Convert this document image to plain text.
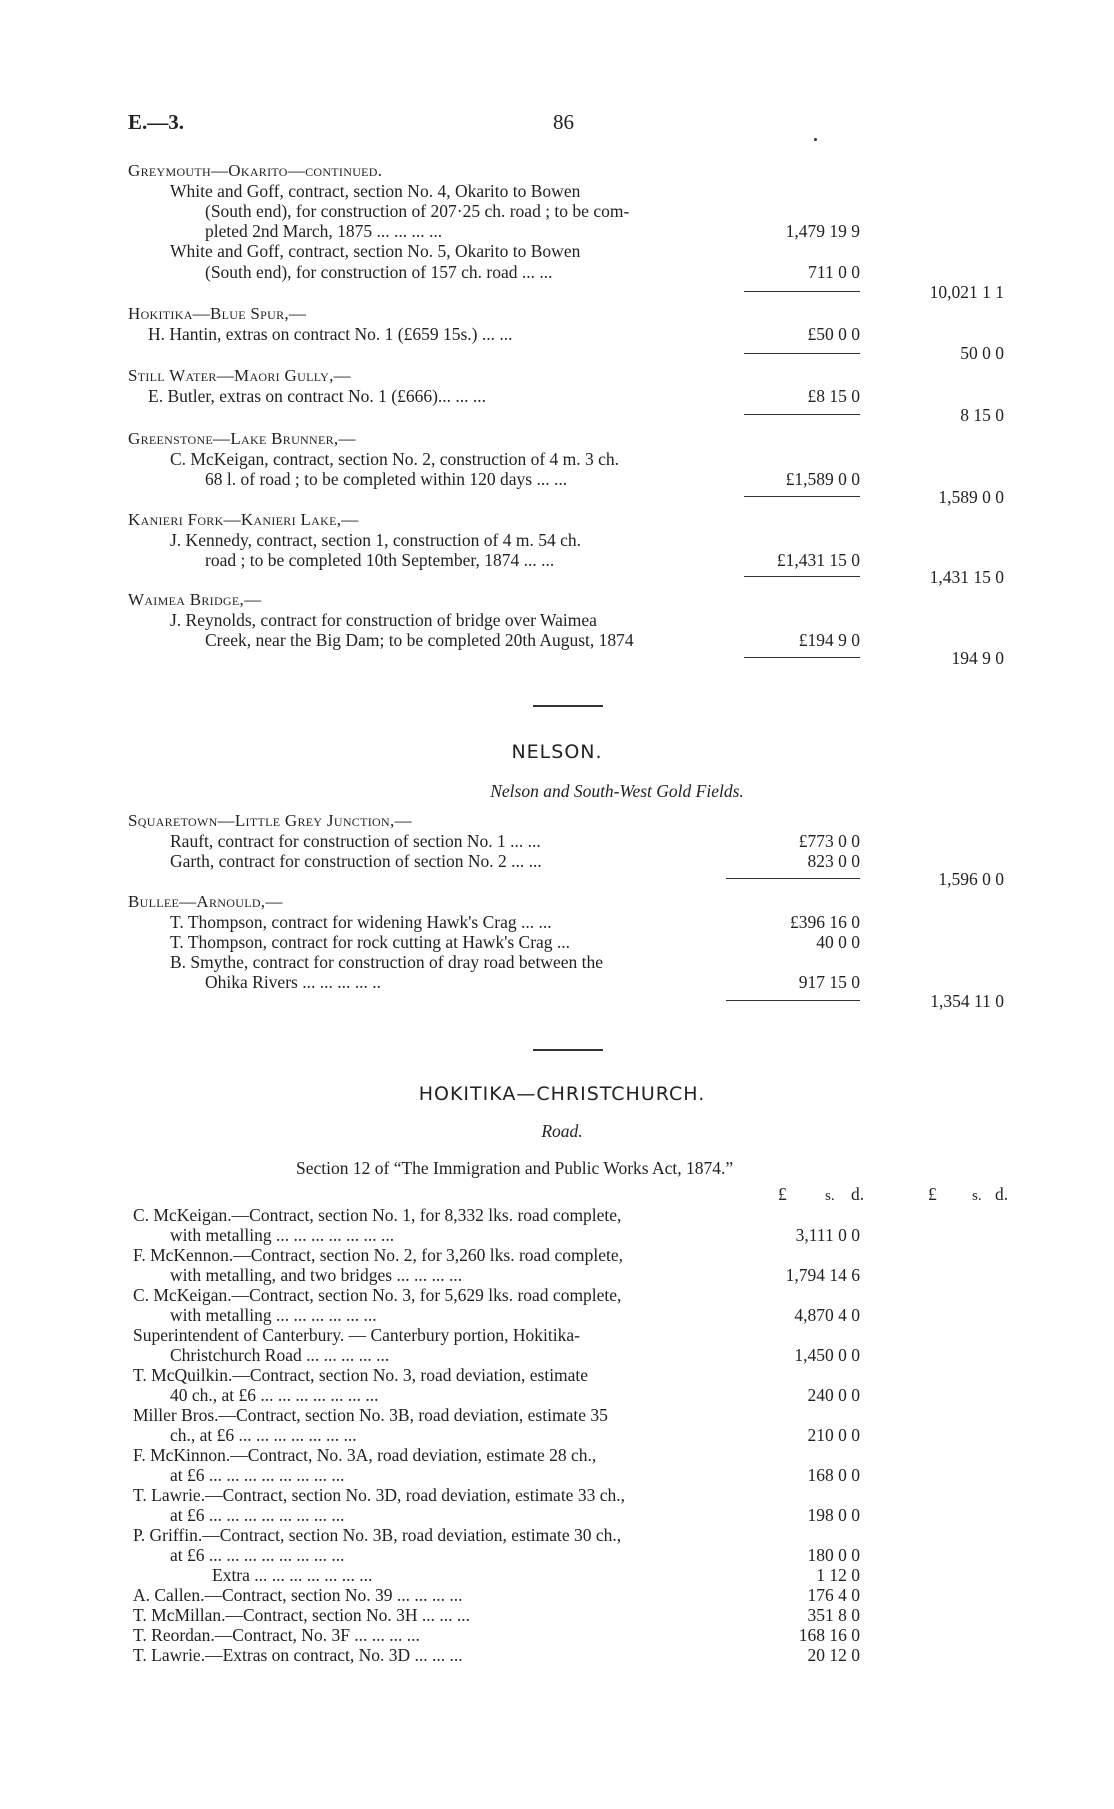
E.—3.	86
Greymouth—Okarito—continued.
White and Goff, contract, section No. 4, Okarito to Bowen
(South end), for construction of 207·25 ch. road ; to be com-
pleted 2nd March, 1875 ... ... ... ...	1,479 19 9
White and Goff, contract, section No. 5, Okarito to Bowen
(South end), for construction of 157 ch. road ... ...	711 0 0
10,021 1 1
Hokitika—Blue Spur,—
H. Hantin, extras on contract No. 1 (£659 15s.) ... ...	£50 0 0
50 0 0
Still Water—Maori Gully,—
E. Butler, extras on contract No. 1 (£666)... ... ...	£8 15 0
8 15 0
Greenstone—Lake Brunner,—
C. McKeigan, contract, section No. 2, construction of 4 m. 3 ch.
68 l. of road ; to be completed within 120 days ... ...	£1,589 0 0
1,589 0 0
Kanieri Fork—Kanieri Lake,—
J. Kennedy, contract, section 1, construction of 4 m. 54 ch.
road ; to be completed 10th September, 1874 ... ...	£1,431 15 0
1,431 15 0
Waimea Bridge,—
J. Reynolds, contract for construction of bridge over Waimea
Creek, near the Big Dam; to be completed 20th August, 1874	£194 9 0
194 9 0
NELSON.
Nelson and South-West Gold Fields.
Squaretown—Little Grey Junction,—
Rauft, contract for construction of section No. 1 ... ...	£773 0 0
Garth, contract for construction of section No. 2 ... ...	823 0 0
1,596 0 0
Bullee—Arnould,—
T. Thompson, contract for widening Hawk's Crag ... ...	£396 16 0
T. Thompson, contract for rock cutting at Hawk's Crag ...	40 0 0
B. Smythe, contract for construction of dray road between the
Ohika Rivers ... ... ... ... ..	917 15 0
1,354 11 0
HOKITIKA—CHRISTCHURCH.
Road.
Section 12 of “The Immigration and Public Works Act, 1874.”
£	s. d.	£ s. d.
C. McKeigan.—Contract, section No. 1, for 8,332 lks. road complete,
with metalling ... ... ... ... ... ... ...	3,111 0 0
F. McKennon.—Contract, section No. 2, for 3,260 lks. road complete,
with metalling, and two bridges ... ... ... ...	1,794 14 6
C. McKeigan.—Contract, section No. 3, for 5,629 lks. road complete,
with metalling ... ... ... ... ... ...	4,870 4 0
Superintendent of Canterbury. — Canterbury portion, Hokitika-
Christchurch Road ... ... ... ... ...	1,450 0 0
T. McQuilkin.—Contract, section No. 3, road deviation, estimate
40 ch., at £6 ... ... ... ... ... ... ...	240 0 0
Miller Bros.—Contract, section No. 3B, road deviation, estimate 35
ch., at £6 ... ... ... ... ... ... ...	210 0 0
F. McKinnon.—Contract, No. 3A, road deviation, estimate 28 ch.,
at £6 ... ... ... ... ... ... ... ...	168 0 0
T. Lawrie.—Contract, section No. 3D, road deviation, estimate 33 ch.,
at £6 ... ... ... ... ... ... ... ...	198 0 0
P. Griffin.—Contract, section No. 3B, road deviation, estimate 30 ch.,
at £6 ... ... ... ... ... ... ... ...	180 0 0
Extra ... ... ... ... ... ... ...	1 12 0
A. Callen.—Contract, section No. 39 ... ... ... ...	176 4 0
T. McMillan.—Contract, section No. 3H ... ... ...	351 8 0
T. Reordan.—Contract, No. 3F ... ... ... ...	168 16 0
T. Lawrie.—Extras on contract, No. 3D ... ... ...	20 12 0
